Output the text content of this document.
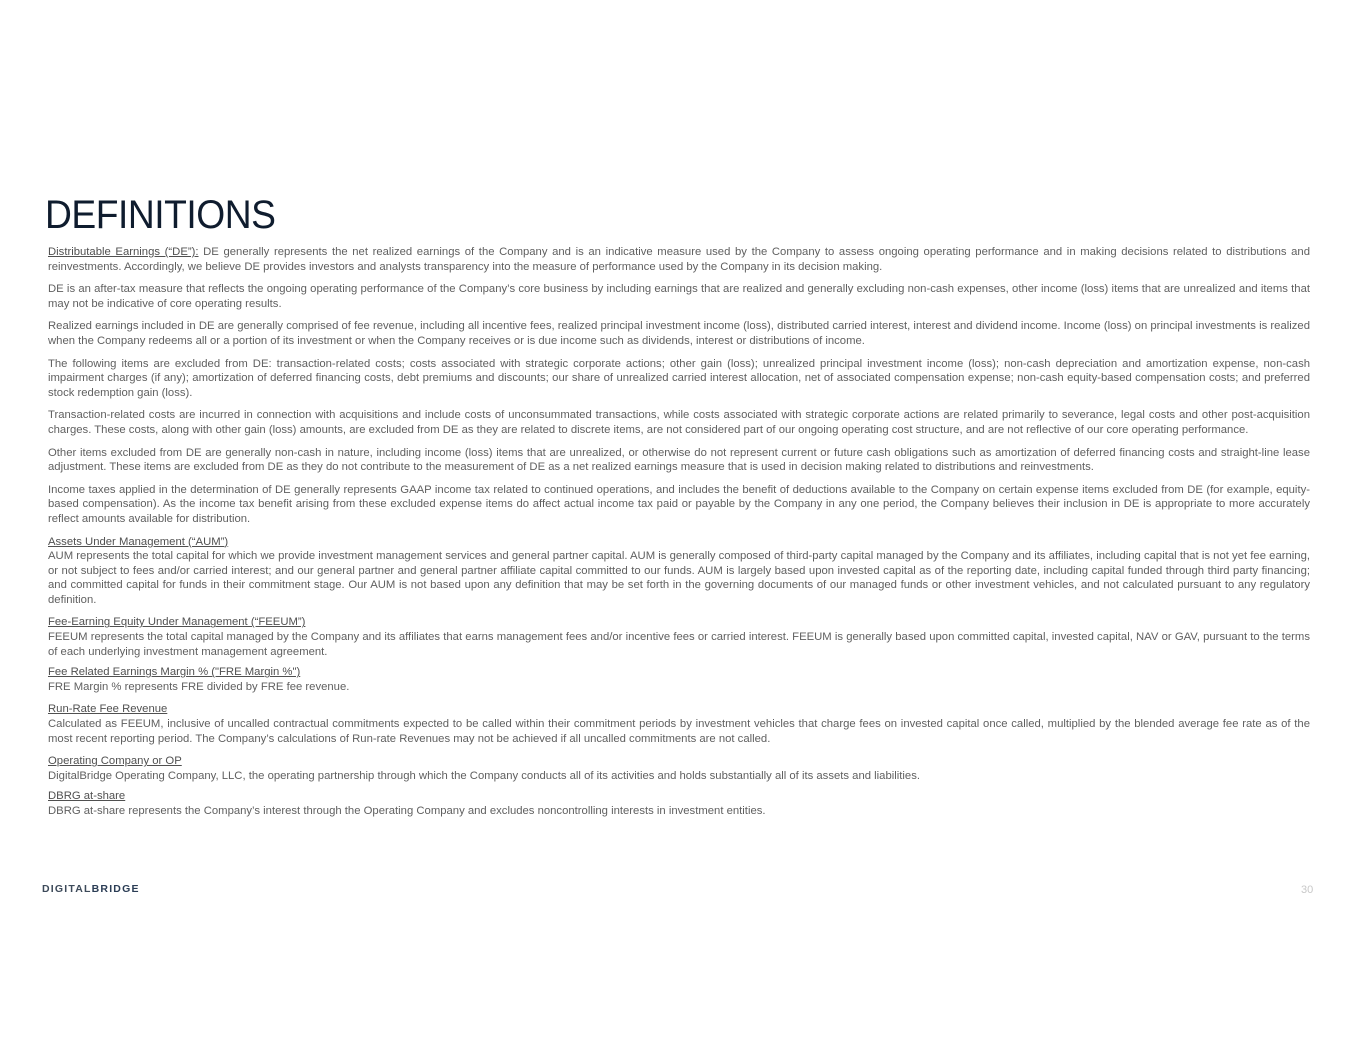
DEFINITIONS

Distributable Earnings (“DE”): DE generally represents the net realized earnings of the Company and is an indicative measure used by the Company to assess ongoing operating performance and in making decisions related to distributions and reinvestments. Accordingly, we believe DE provides investors and analysts transparency into the measure of performance used by the Company in its decision making.

DE is an after-tax measure that reflects the ongoing operating performance of the Company’s core business by including earnings that are realized and generally excluding non-cash expenses, other income (loss) items that are unrealized and items that may not be indicative of core operating results.

Realized earnings included in DE are generally comprised of fee revenue, including all incentive fees, realized principal investment income (loss), distributed carried interest, interest and dividend income. Income (loss) on principal investments is realized when the Company redeems all or a portion of its investment or when the Company receives or is due income such as dividends, interest or distributions of income.

The following items are excluded from DE: transaction-related costs; costs associated with strategic corporate actions; other gain (loss); unrealized principal investment income (loss); non-cash depreciation and amortization expense, non-cash impairment charges (if any); amortization of deferred financing costs, debt premiums and discounts; our share of unrealized carried interest allocation, net of associated compensation expense; non-cash equity-based compensation costs; and preferred stock redemption gain (loss).

Transaction-related costs are incurred in connection with acquisitions and include costs of unconsummated transactions, while costs associated with strategic corporate actions are related primarily to severance, legal costs and other post-acquisition charges. These costs, along with other gain (loss) amounts, are excluded from DE as they are related to discrete items, are not considered part of our ongoing operating cost structure, and are not reflective of our core operating performance.

Other items excluded from DE are generally non-cash in nature, including income (loss) items that are unrealized, or otherwise do not represent current or future cash obligations such as amortization of deferred financing costs and straight-line lease adjustment. These items are excluded from DE as they do not contribute to the measurement of DE as a net realized earnings measure that is used in decision making related to distributions and reinvestments.

Income taxes applied in the determination of DE generally represents GAAP income tax related to continued operations, and includes the benefit of deductions available to the Company on certain expense items excluded from DE (for example, equity-based compensation). As the income tax benefit arising from these excluded expense items do affect actual income tax paid or payable by the Company in any one period, the Company believes their inclusion in DE is appropriate to more accurately reflect amounts available for distribution.

Assets Under Management (“AUM”)

AUM represents the total capital for which we provide investment management services and general partner capital. AUM is generally composed of third-party capital managed by the Company and its affiliates, including capital that is not yet fee earning, or not subject to fees and/or carried interest; and our general partner and general partner affiliate capital committed to our funds. AUM is largely based upon invested capital as of the reporting date, including capital funded through third party financing; and committed capital for funds in their commitment stage. Our AUM is not based upon any definition that may be set forth in the governing documents of our managed funds or other investment vehicles, and not calculated pursuant to any regulatory definition.

Fee-Earning Equity Under Management (“FEEUM”)

FEEUM represents the total capital managed by the Company and its affiliates that earns management fees and/or incentive fees or carried interest. FEEUM is generally based upon committed capital, invested capital, NAV or GAV, pursuant to the terms of each underlying investment management agreement.

Fee Related Earnings Margin % ("FRE Margin %")

FRE Margin % represents FRE divided by FRE fee revenue.

Run-Rate Fee Revenue

Calculated as FEEUM, inclusive of uncalled contractual commitments expected to be called within their commitment periods by investment vehicles that charge fees on invested capital once called, multiplied by the blended average fee rate as of the most recent reporting period. The Company’s calculations of Run-rate Revenues may not be achieved if all uncalled commitments are not called.

Operating Company or OP

DigitalBridge Operating Company, LLC, the operating partnership through which the Company conducts all of its activities and holds substantially all of its assets and liabilities.

DBRG at-share

DBRG at-share represents the Company’s interest through the Operating Company and excludes noncontrolling interests in investment entities.

DIGITALBRIDGE	30
